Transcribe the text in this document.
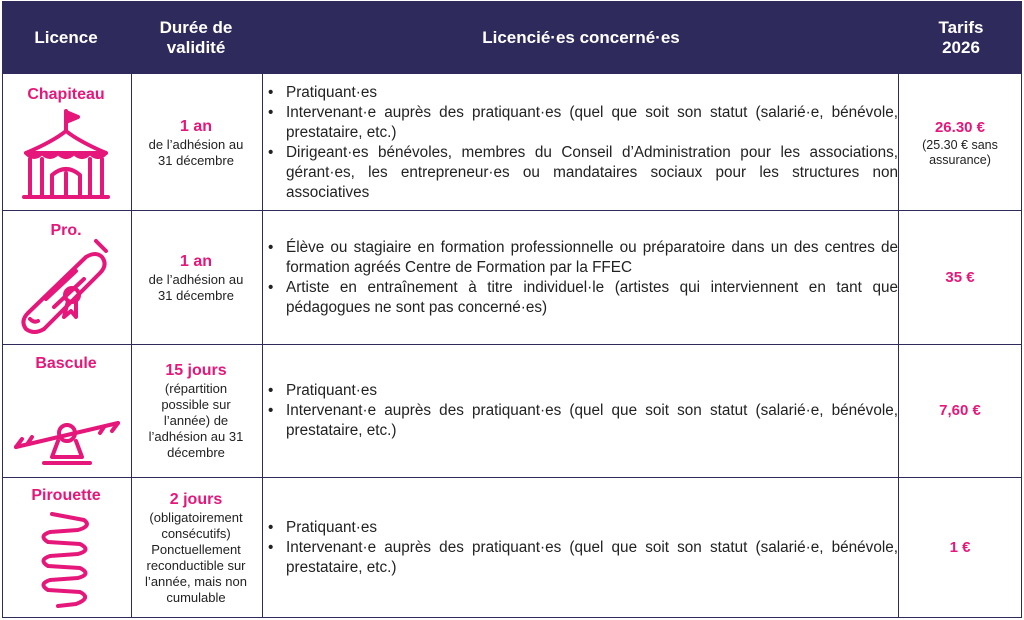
Licence
Durée de validité
Licencié·es concerné·es
Tarifs 2026
Chapiteau
1 an
de l’adhésion au 31 décembre
• Pratiquant·es
• Intervenant·e auprès des pratiquant·es (quel que soit son statut (salarié·e, bénévole, prestataire, etc.)
• Dirigeant·es bénévoles, membres du Conseil d’Administration pour les associations, gérant·es, les entrepreneur·es ou mandataires sociaux pour les structures non associatives
26.30 €
(25.30 € sans assurance)
Pro.
1 an
de l’adhésion au 31 décembre
• Élève ou stagiaire en formation professionnelle ou préparatoire dans un des centres de formation agréés Centre de Formation par la FFEC
• Artiste en entraînement à titre individuel·le (artistes qui interviennent en tant que pédagogues ne sont pas concerné·es)
35 €
Bascule	15 jours
(répartition possible sur l’année) de l’adhésion au 31 décembre
• Pratiquant·es
• Intervenant·e auprès des pratiquant·es (quel que soit son statut (salarié·e, bénévole, prestataire, etc.)
7,60 €
Pirouette	2 jours
(obligatoirement consécutifs) Ponctuellement reconductible sur l’année, mais non cumulable
• Pratiquant·es
• Intervenant·e auprès des pratiquant·es (quel que soit son statut (salarié·e, bénévole, prestataire, etc.)
1 €
